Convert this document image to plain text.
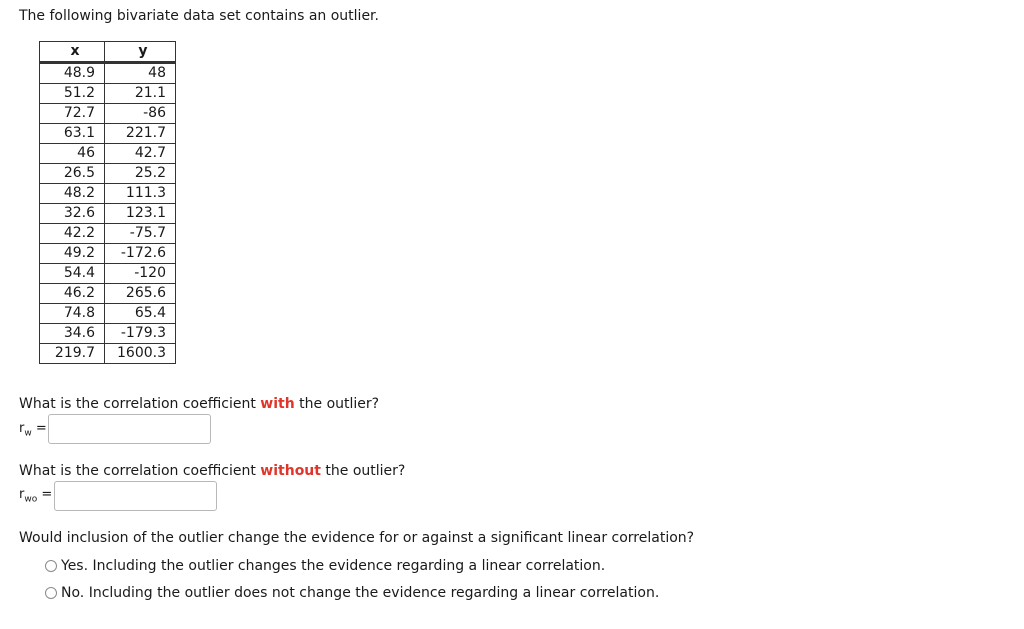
The following bivariate data set contains an outlier.
x	y
48.9	48
51.2	21.1
72.7	-86
63.1	221.7
46	42.7
26.5	25.2
48.2	111.3
32.6	123.1
42.2	-75.7
49.2	-172.6
54.4	-120
46.2	265.6
74.8	65.4
34.6	-179.3
219.7	1600.3
What is the correlation coefficient with the outlier?
$r_w$ =
What is the correlation coefficient without the outlier?
$r_{wo}$ =
Would inclusion of the outlier change the evidence for or against a significant linear correlation?
Yes. Including the outlier changes the evidence regarding a linear correlation.
No. Including the outlier does not change the evidence regarding a linear correlation.
